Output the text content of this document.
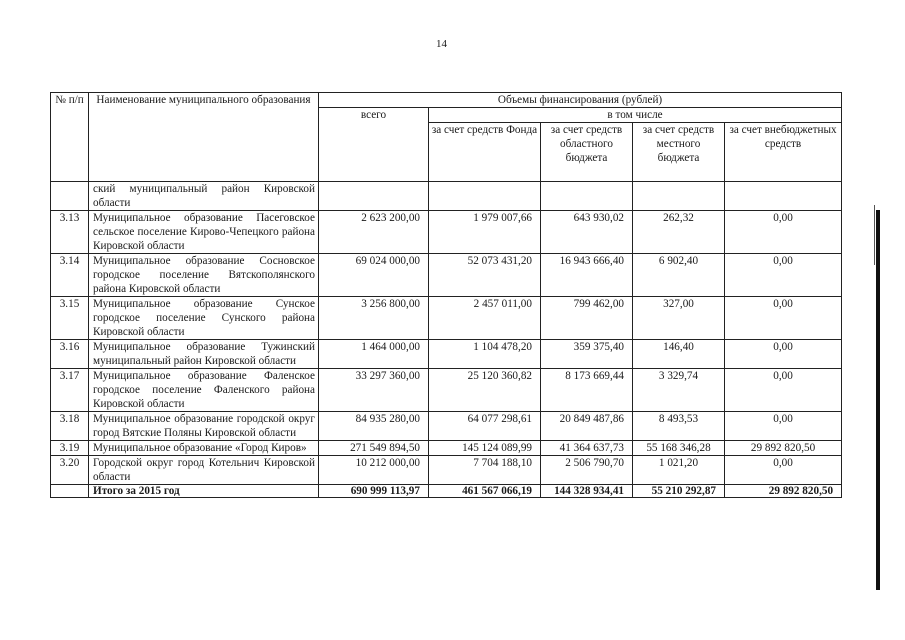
14
№ п/п	Наименование муниципального образования	Объемы финансирования (рублей)				
		всего	в том числе			
			за счет средств Фонда	за счет средств областного бюджета	за счет средств местного бюджета	за счет внебюджетных средств
	ский муниципальный район Кировской области					
3.13	Муниципальное образование Пасеговское сельское поселение Кирово-Чепецкого района Кировской области	2 623 200,00	1 979 007,66	643 930,02	262,32	0,00
3.14	Муниципальное образование Сосновское городское поселение Вятскополянского района Кировской области	69 024 000,00	52 073 431,20	16 943 666,40	6 902,40	0,00
3.15	Муниципальное образование Сунское городское поселение Сунского района Кировской области	3 256 800,00	2 457 011,00	799 462,00	327,00	0,00
3.16	Муниципальное образование Тужинский муниципальный район Кировской области	1 464 000,00	1 104 478,20	359 375,40	146,40	0,00
3.17	Муниципальное образование Фаленское городское поселение Фаленского района Кировской области	33 297 360,00	25 120 360,82	8 173 669,44	3 329,74	0,00
3.18	Муниципальное образование городской округ город Вятские Поляны Кировской области	84 935 280,00	64 077 298,61	20 849 487,86	8 493,53	0,00
3.19	Муниципальное образование «Город Киров»	271 549 894,50	145 124 089,99	41 364 637,73	55 168 346,28	29 892 820,50
3.20	Городской округ город Котельнич Кировской области	10 212 000,00	7 704 188,10	2 506 790,70	1 021,20	0,00
	Итого за 2015 год	690 999 113,97	461 567 066,19	144 328 934,41	55 210 292,87	29 892 820,50
